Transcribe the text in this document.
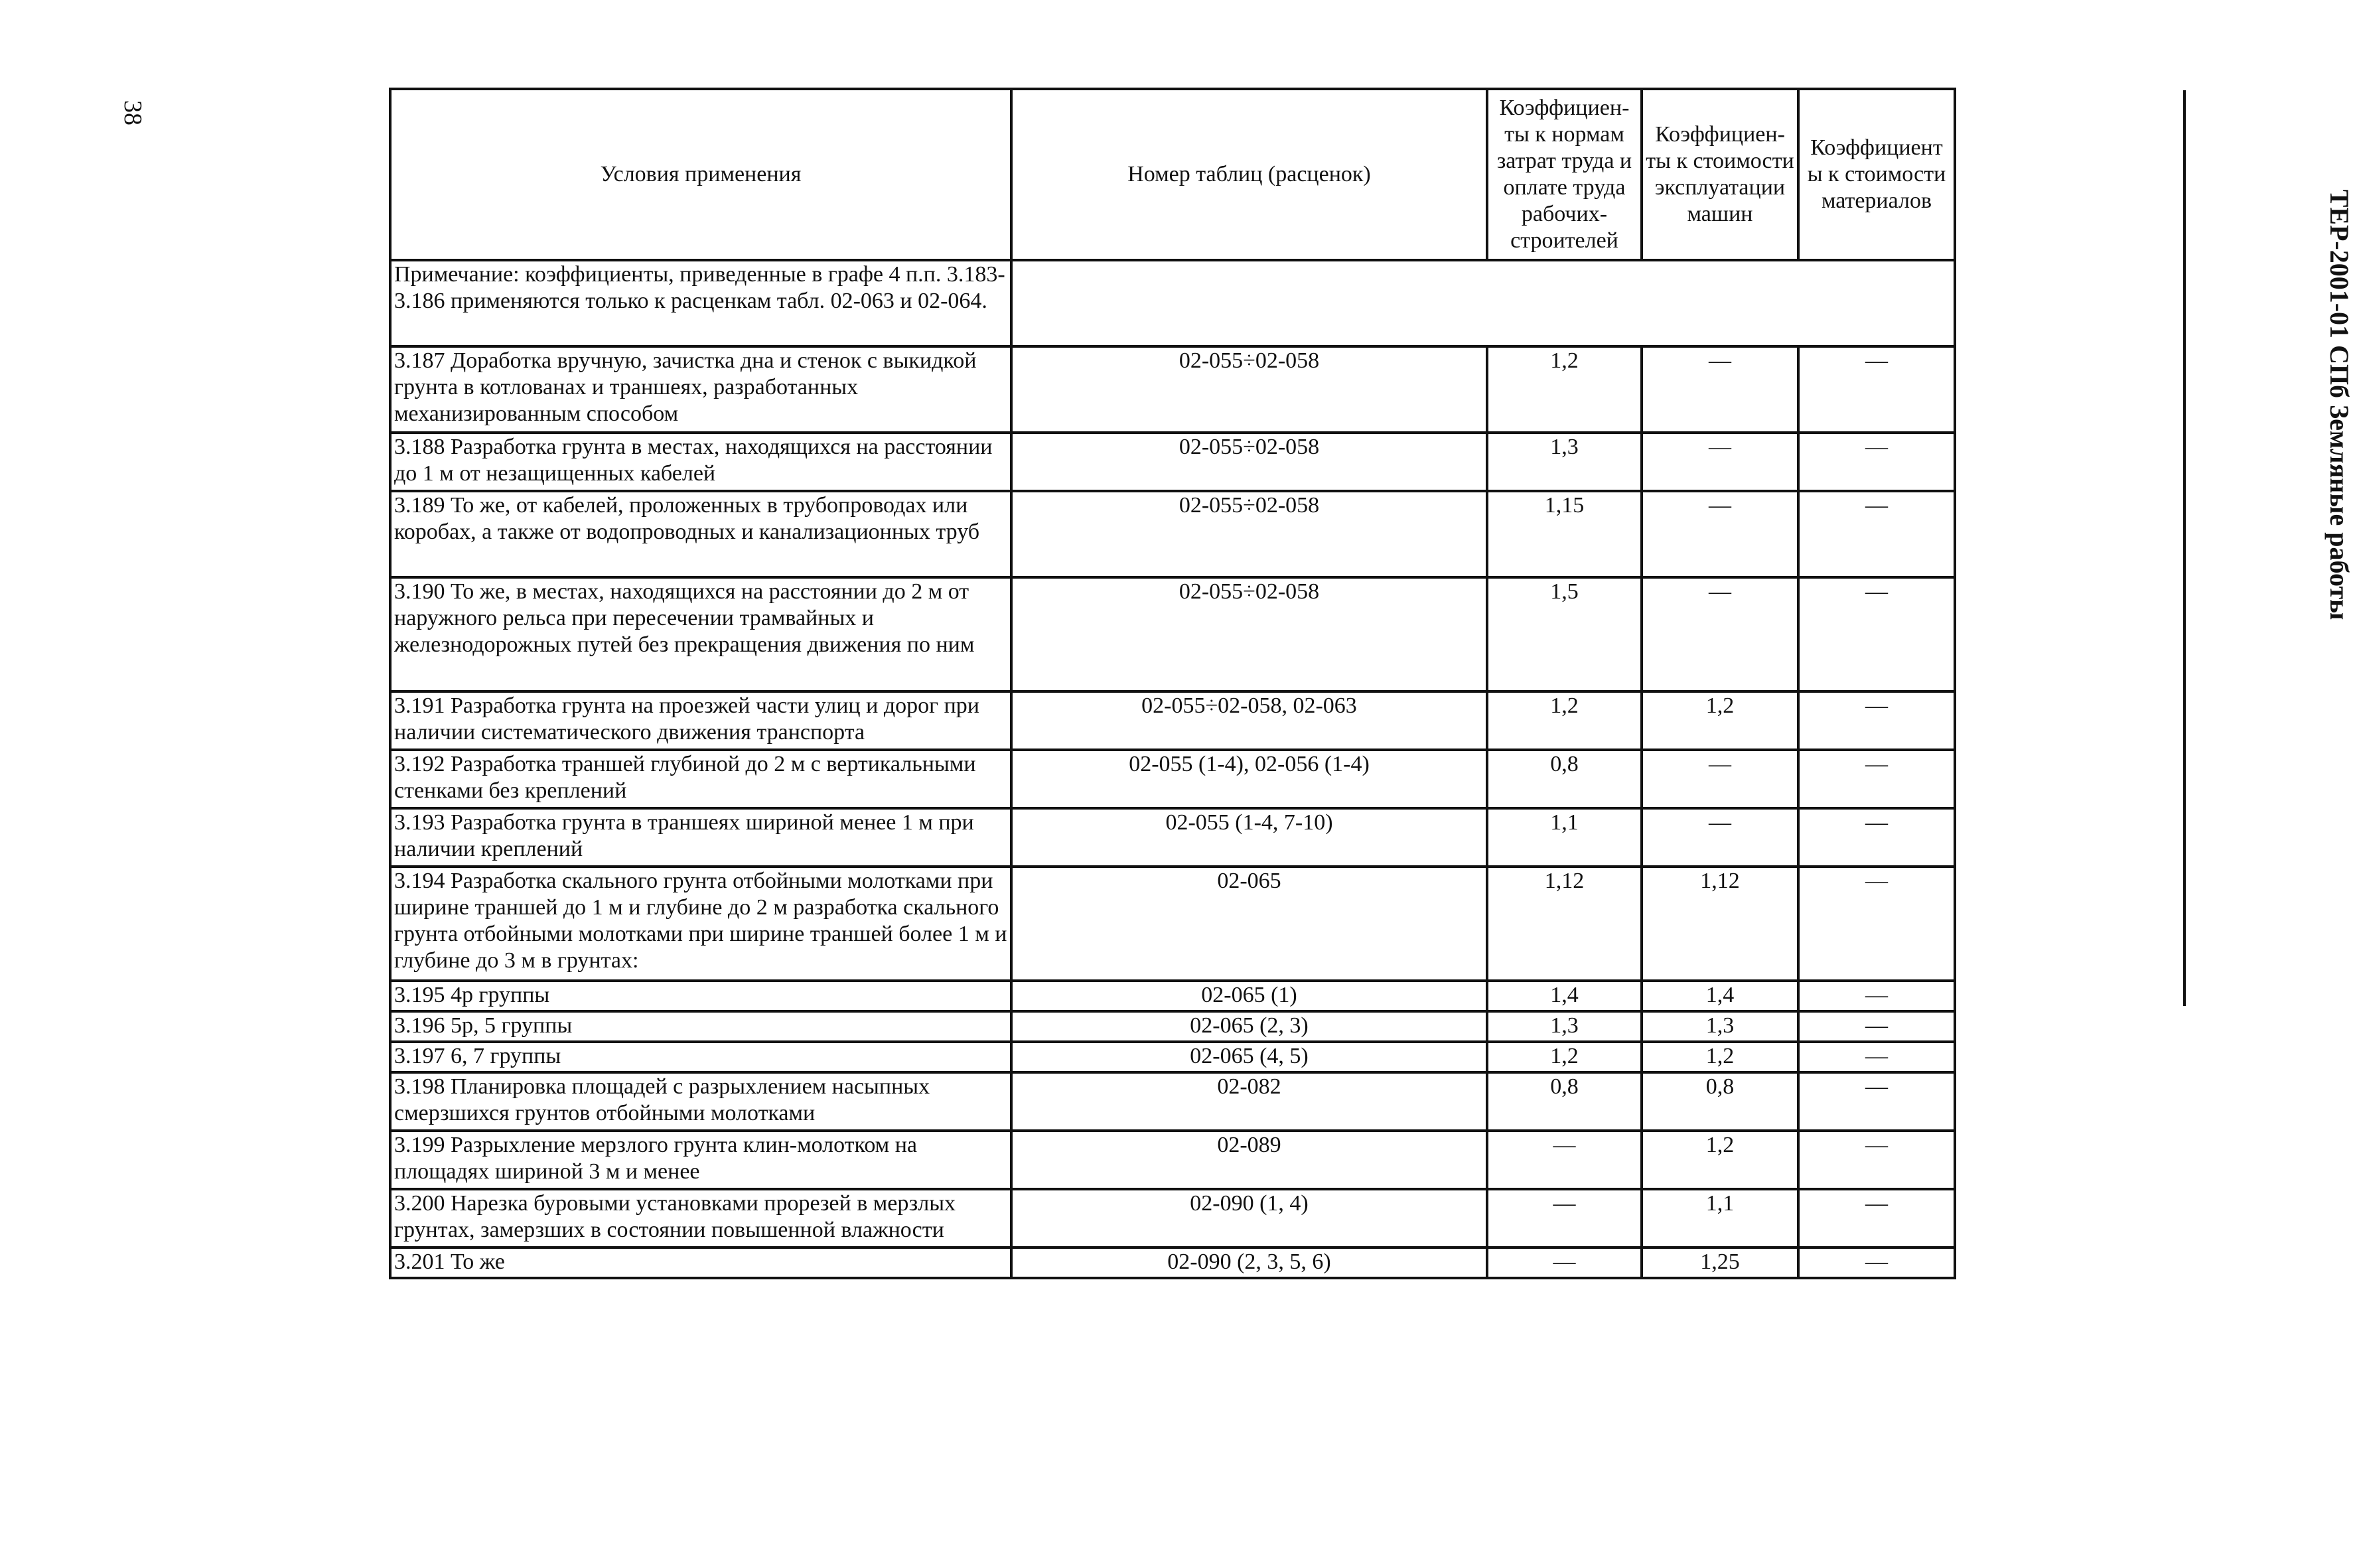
38
ТЕР-2001-01 СПб Земляные работы
Условия применения	Номер таблиц (расценок)	Коэффициен-ты к нормам затрат труда и оплате труда рабочих-строителей	Коэффициен-ты к стоимости эксплуатации машин	Коэффициент ы к стоимости материалов
Примечание: коэффициенты, приведенные в графе 4 п.п. 3.183-3.186 применяются только к расценкам табл. 02-063 и 02-064.				
3.187 Доработка вручную, зачистка дна и стенок с выкидкой грунта в котлованах и траншеях, разработанных механизированным способом	02-055÷02-058	1,2	—	—
3.188 Разработка грунта в местах, находящихся на расстоянии до 1 м от незащищенных кабелей	02-055÷02-058	1,3	—	—
3.189 То же, от кабелей, проложенных в трубопроводах или коробах, а также от водопроводных и канализационных труб	02-055÷02-058	1,15	—	—
3.190 То же, в местах, находящихся на расстоянии до 2 м от наружного рельса при пересечении трамвайных и железнодорожных путей без прекращения движения по ним	02-055÷02-058	1,5	—	—
3.191 Разработка грунта на проезжей части улиц и дорог при наличии систематического движения транспорта	02-055÷02-058, 02-063	1,2	1,2	—
3.192 Разработка траншей глубиной до 2 м с вертикальными стенками без креплений	02-055 (1-4), 02-056 (1-4)	0,8	—	—
3.193 Разработка грунта в траншеях шириной менее 1 м при наличии креплений	02-055 (1-4, 7-10)	1,1	—	—
3.194 Разработка скального грунта отбойными молотками при ширине траншей до 1 м и глубине до 2 м разработка скального грунта отбойными молотками при ширине траншей более 1 м и глубине до 3 м в грунтах:	02-065	1,12	1,12	—
3.195 4р группы	02-065 (1)	1,4	1,4	—
3.196 5р, 5 группы	02-065 (2, 3)	1,3	1,3	—
3.197 6, 7 группы	02-065 (4, 5)	1,2	1,2	—
3.198 Планировка площадей с разрыхлением насыпных смерзшихся грунтов отбойными молотками	02-082	0,8	0,8	—
3.199 Разрыхление мерзлого грунта клин-молотком на площадях шириной 3 м и менее	02-089	—	1,2	—
3.200 Нарезка буровыми установками прорезей в мерзлых грунтах, замерзших в состоянии повышенной влажности	02-090 (1, 4)	—	1,1	—
3.201 То же	02-090 (2, 3, 5, 6)	—	1,25	—
